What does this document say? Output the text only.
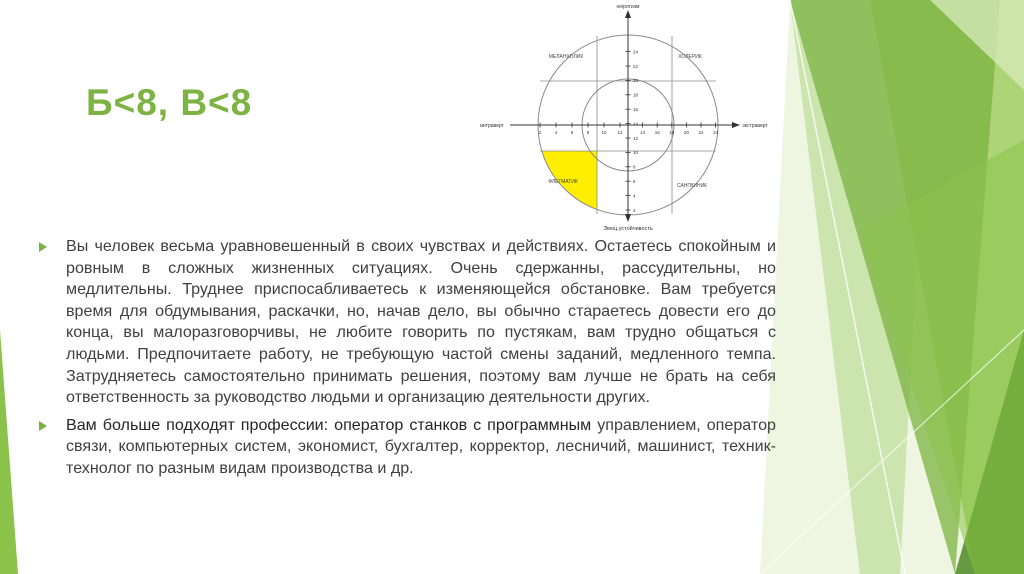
Б<8, В<8
2	4	6	8	10 12	14 16 18 20 22 24
2
4
6
8
10
12
14
16
18
20
22
24
неіротизм
Эмоц.устойчивость
интраверт	экстраверт
МЕЛАНХОЛИК	ХОЛЕРИК
ФЛЕГМАТИК
САНГВИНИК
Вы человек весьма уравновешенный в своих чувствах и действиях. Остаетесь спокойным и ровным в сложных жизненных ситуациях. Очень сдержанны, рассудительны, но медлительны. Труднее приспосабливаетесь к изменяющейся обстановке. Вам требуется время для обдумывания, раскачки, но, начав дело, вы обычно стараетесь довести его до конца, вы малоразговорчивы, не любите говорить по пустякам, вам трудно общаться с людьми. Предпочитаете работу, не требующую частой смены заданий, медленного темпа. Затрудняетесь самостоятельно принимать решения, поэтому вам лучше не брать на себя ответственность за руководство людьми и организацию деятельности других.
Вам больше подходят профессии: оператор станков с программным управлением, оператор связи, компьютерных систем, экономист, бухгалтер, корректор, лесничий, машинист, техник-технолог по разным видам производства и др.
